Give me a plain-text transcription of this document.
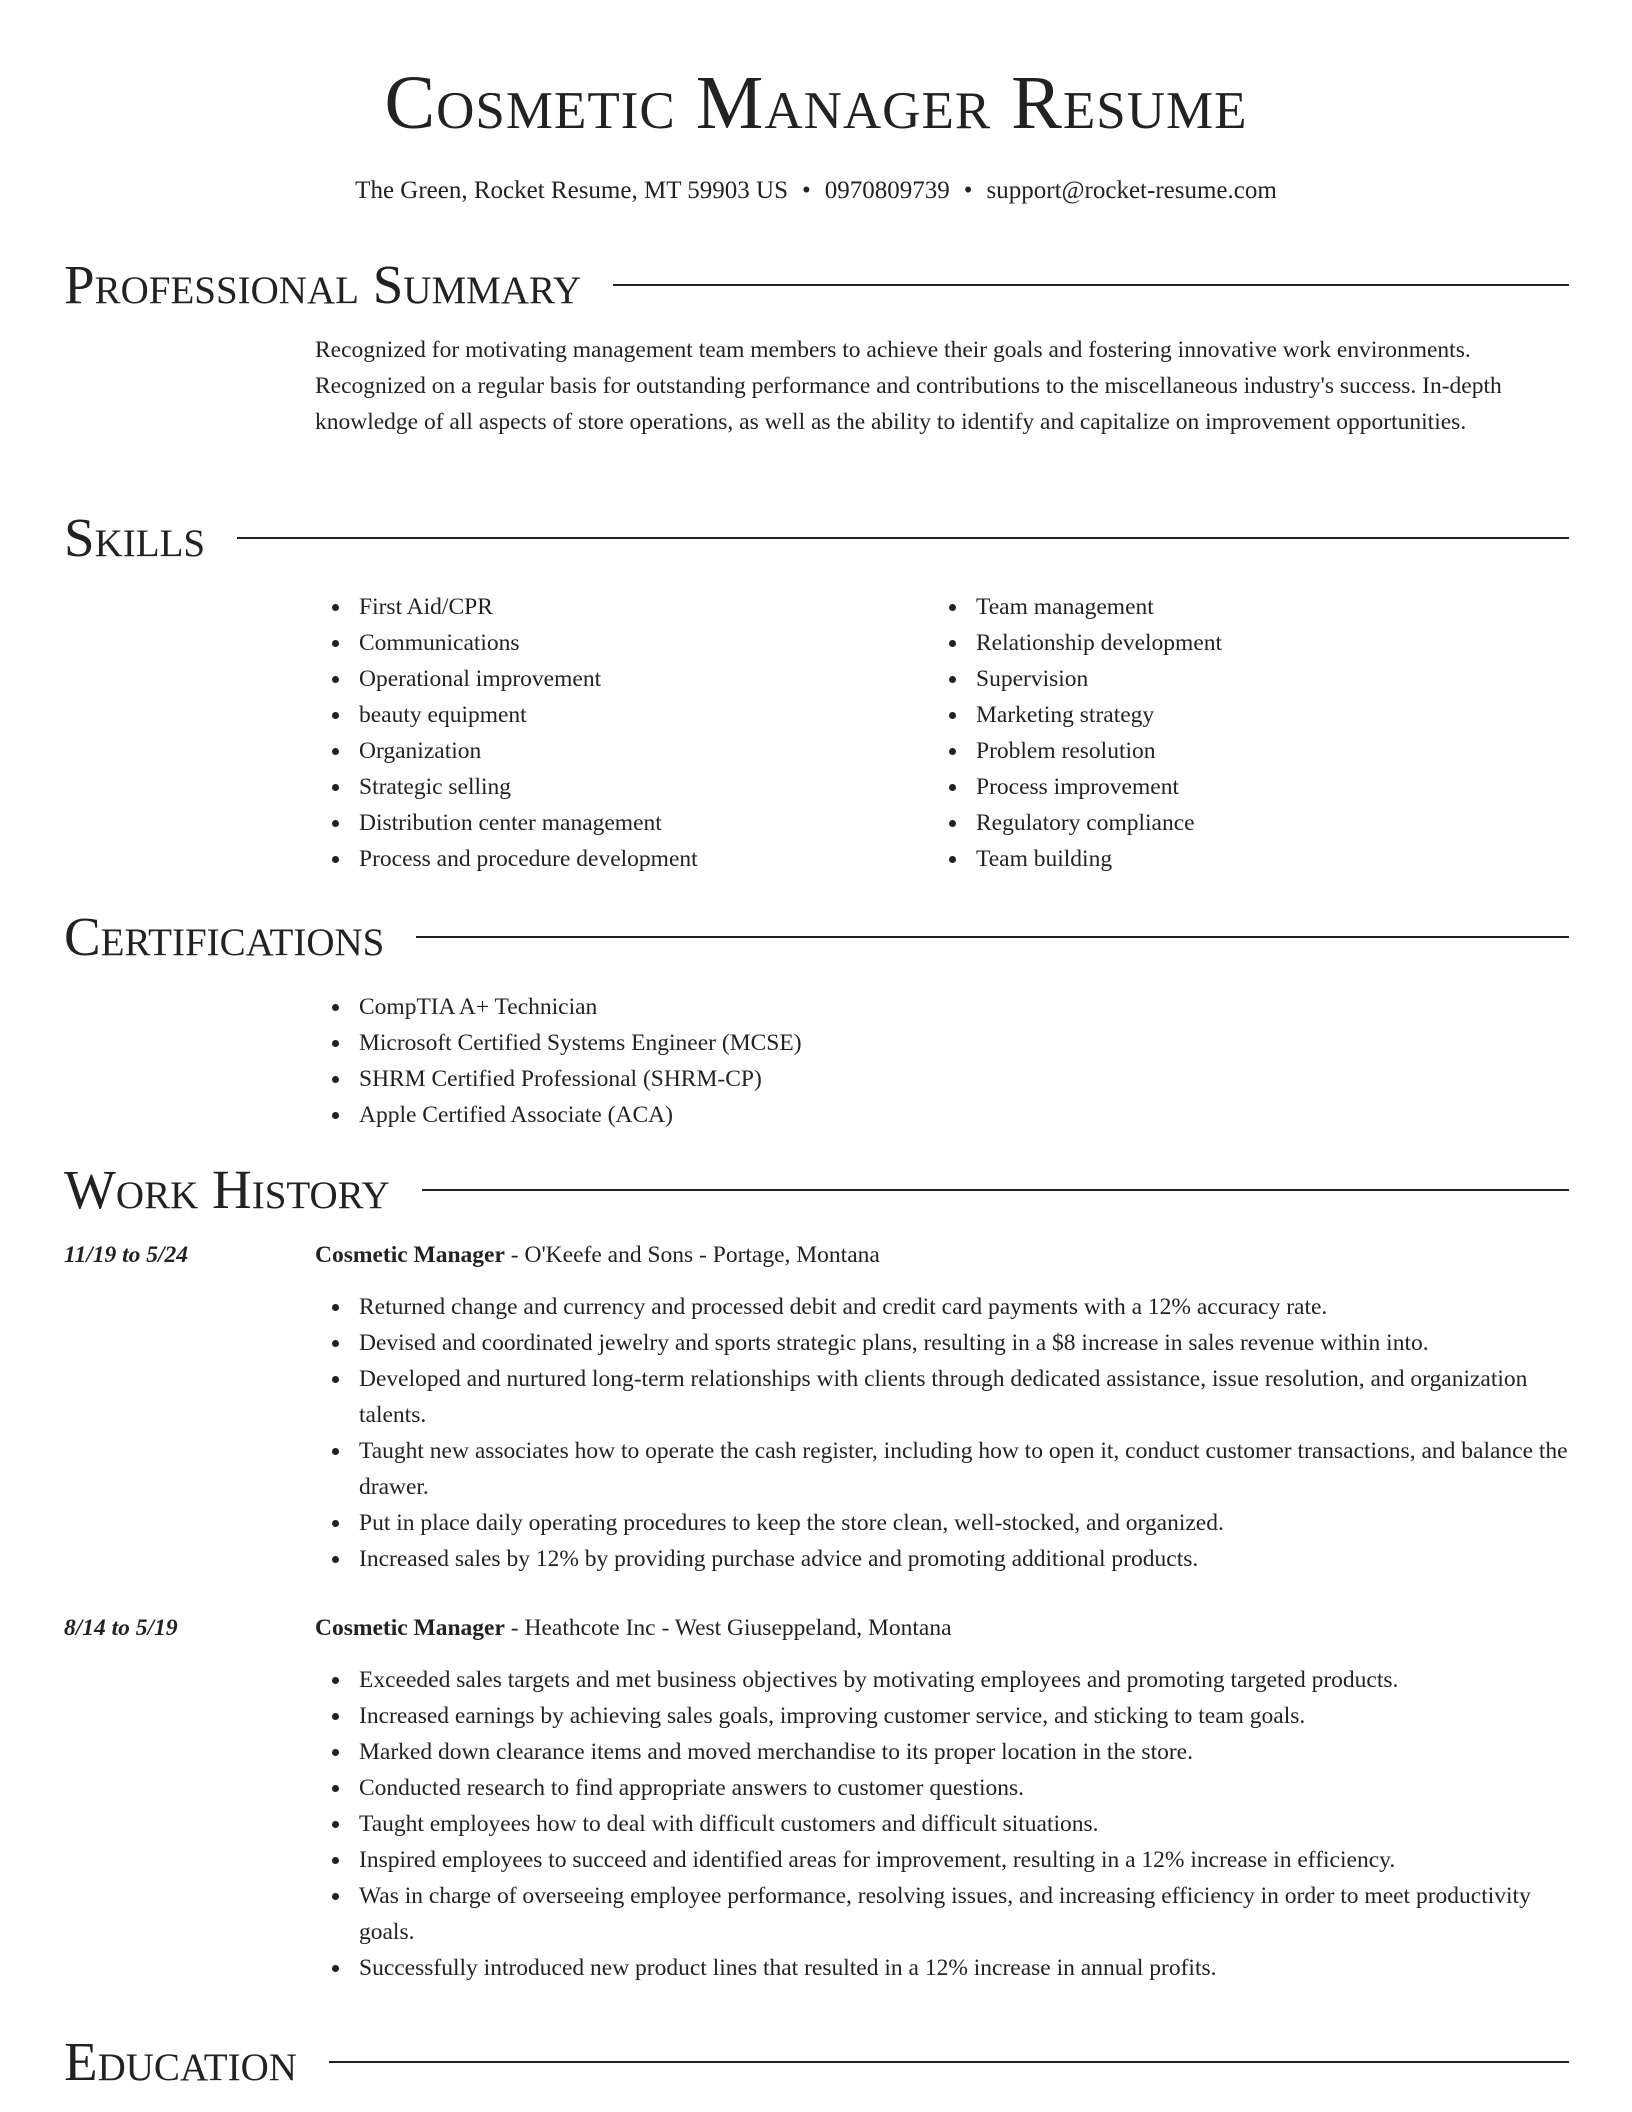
Cosmetic Manager Resume
The Green, Rocket Resume, MT 59903 US • 0970809739 • support@rocket-resume.com
Professional Summary

Recognized for motivating management team members to achieve their goals and fostering innovative work environments. Recognized on a regular basis for outstanding performance and contributions to the miscellaneous industry's success. In-depth knowledge of all aspects of store operations, as well as the ability to identify and capitalize on improvement opportunities.

Skills
First Aid/CPR
Communications
Operational improvement
beauty equipment
Organization
Strategic selling
Distribution center management
Process and procedure development
Team management
Relationship development
Supervision
Marketing strategy
Problem resolution
Process improvement
Regulatory compliance
Team building
Certifications
CompTIA A+ Technician
Microsoft Certified Systems Engineer (MCSE)
SHRM Certified Professional (SHRM-CP)
Apple Certified Associate (ACA)
Work History
11/19 to 5/24	Cosmetic Manager - O'Keefe and Sons - Portage, Montana
Returned change and currency and processed debit and credit card payments with a 12% accuracy rate.
Devised and coordinated jewelry and sports strategic plans, resulting in a $8 increase in sales revenue within into.
Developed and nurtured long-term relationships with clients through dedicated assistance, issue resolution, and organization talents.
Taught new associates how to operate the cash register, including how to open it, conduct customer transactions, and balance the drawer.
Put in place daily operating procedures to keep the store clean, well-stocked, and organized.
Increased sales by 12% by providing purchase advice and promoting additional products.
8/14 to 5/19	Cosmetic Manager - Heathcote Inc - West Giuseppeland, Montana
Exceeded sales targets and met business objectives by motivating employees and promoting targeted products.
Increased earnings by achieving sales goals, improving customer service, and sticking to team goals.
Marked down clearance items and moved merchandise to its proper location in the store.
Conducted research to find appropriate answers to customer questions.
Taught employees how to deal with difficult customers and difficult situations.
Inspired employees to succeed and identified areas for improvement, resulting in a 12% increase in efficiency.
Was in charge of overseeing employee performance, resolving issues, and increasing efficiency in order to meet productivity goals.
Successfully introduced new product lines that resulted in a 12% increase in annual profits.
Education
